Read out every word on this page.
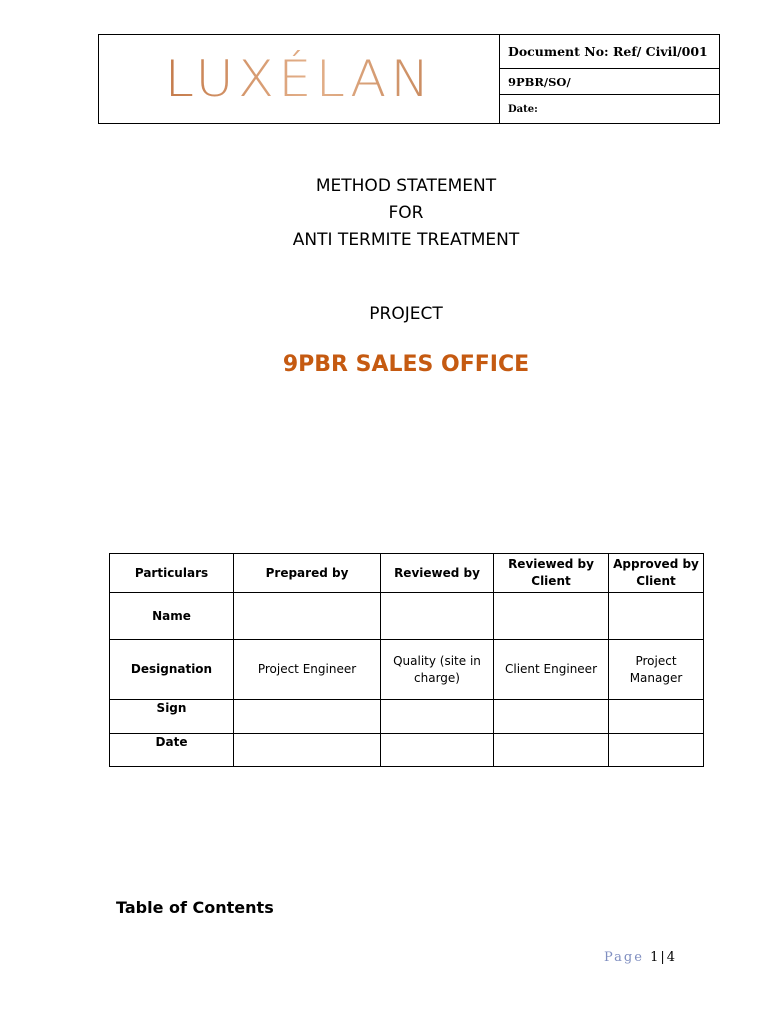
LUXÉLAN	Document No: Ref/ Civil/001
9PBR/SO/
Date:
METHOD STATEMENT
FOR
ANTI TERMITE TREATMENT
PROJECT
9PBR SALES OFFICE
Particulars	Prepared by	Reviewed by	Reviewed by Client	Approved by Client
Name				
Designation	Project Engineer	Quality (site in charge)	Client Engineer	Project Manager
Sign				
Date				
Table of Contents
Page 1|4
